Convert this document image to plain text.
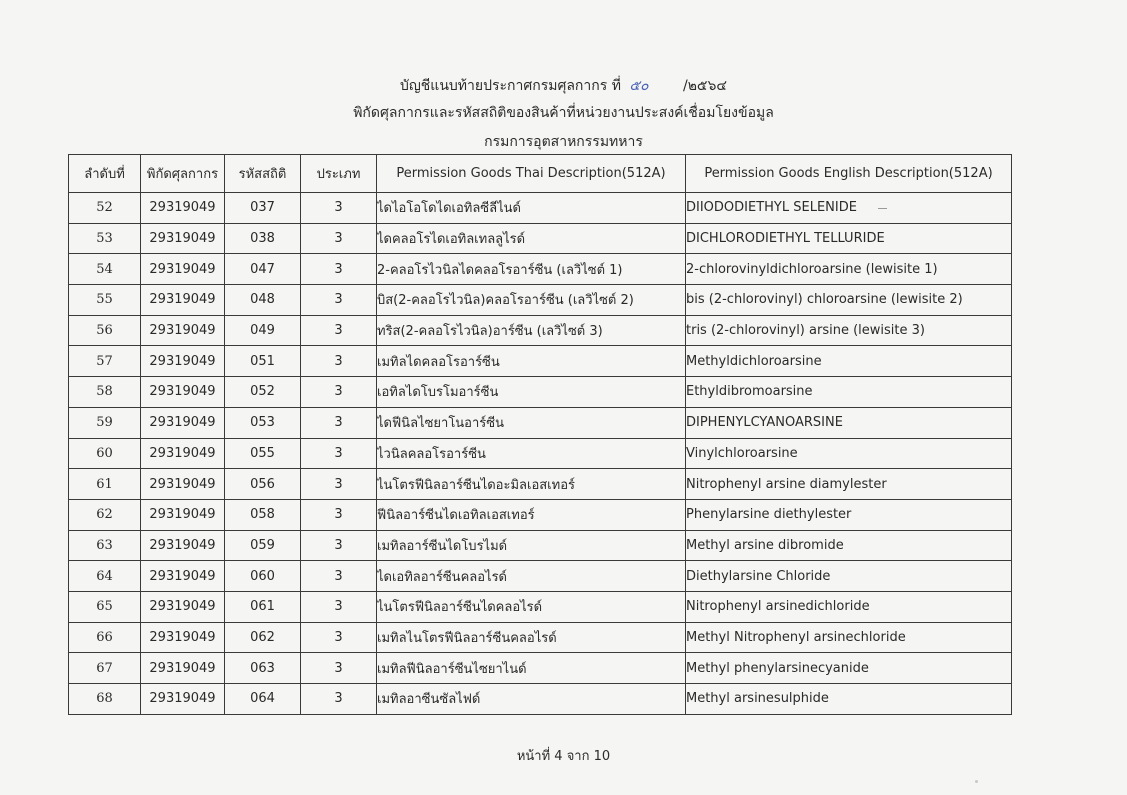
บัญชีแนบท้ายประกาศกรมศุลกากร ที่ ๕๐ /๒๕๖๔
พิกัดศุลกากรและรหัสสถิติของสินค้าที่หน่วยงานประสงค์เชื่อมโยงข้อมูล
กรมการอุตสาหกรรมทหาร
ลำดับที่	พิกัดศุลกากร	รหัสสถิติ	ประเภท	Permission Goods Thai Description(512A)	Permission Goods English Description(512A)
52	29319049	037	3	ไดไอโอโดไดเอทิลซีลีไนด์	DIIODODIETHYL SELENIDE
53	29319049	038	3	ไดคลอโรไดเอทิลเทลลูไรด์	DICHLORODIETHYL TELLURIDE
54	29319049	047	3	2-คลอโรไวนิลไดคลอโรอาร์ซีน (เลวิไซต์ 1)	2-chlorovinyldichloroarsine (lewisite 1)
55	29319049	048	3	บิส(2-คลอโรไวนิล)คลอโรอาร์ซีน (เลวิไซต์ 2)	bis (2-chlorovinyl) chloroarsine (lewisite 2)
56	29319049	049	3	ทริส(2-คลอโรไวนิล)อาร์ซีน (เลวิไซต์ 3)	tris (2-chlorovinyl) arsine (lewisite 3)
57	29319049	051	3	เมทิลไดคลอโรอาร์ซีน	Methyldichloroarsine
58	29319049	052	3	เอทิลไดโบรโมอาร์ซีน	Ethyldibromoarsine
59	29319049	053	3	ไดฟีนิลไซยาโนอาร์ซีน	DIPHENYLCYANOARSINE
60	29319049	055	3	ไวนิลคลอโรอาร์ซีน	Vinylchloroarsine
61	29319049	056	3	ไนโตรฟีนิลอาร์ซีนไดอะมิลเอสเทอร์	Nitrophenyl arsine diamylester
62	29319049	058	3	ฟีนิลอาร์ซีนไดเอทิลเอสเทอร์	Phenylarsine diethylester
63	29319049	059	3	เมทิลอาร์ซีนไดโบรไมด์	Methyl arsine dibromide
64	29319049	060	3	ไดเอทิลอาร์ซีนคลอไรด์	Diethylarsine Chloride
65	29319049	061	3	ไนโตรฟีนิลอาร์ซีนไดคลอไรด์	Nitrophenyl arsinedichloride
66	29319049	062	3	เมทิลไนโตรฟีนิลอาร์ซีนคลอไรด์	Methyl Nitrophenyl arsinechloride
67	29319049	063	3	เมทิลฟีนิลอาร์ซีนไซยาไนด์	Methyl phenylarsinecyanide
68	29319049	064	3	เมทิลอาซีนซัลไฟด์	Methyl arsinesulphide
หน้าที่ 4 จาก 10
